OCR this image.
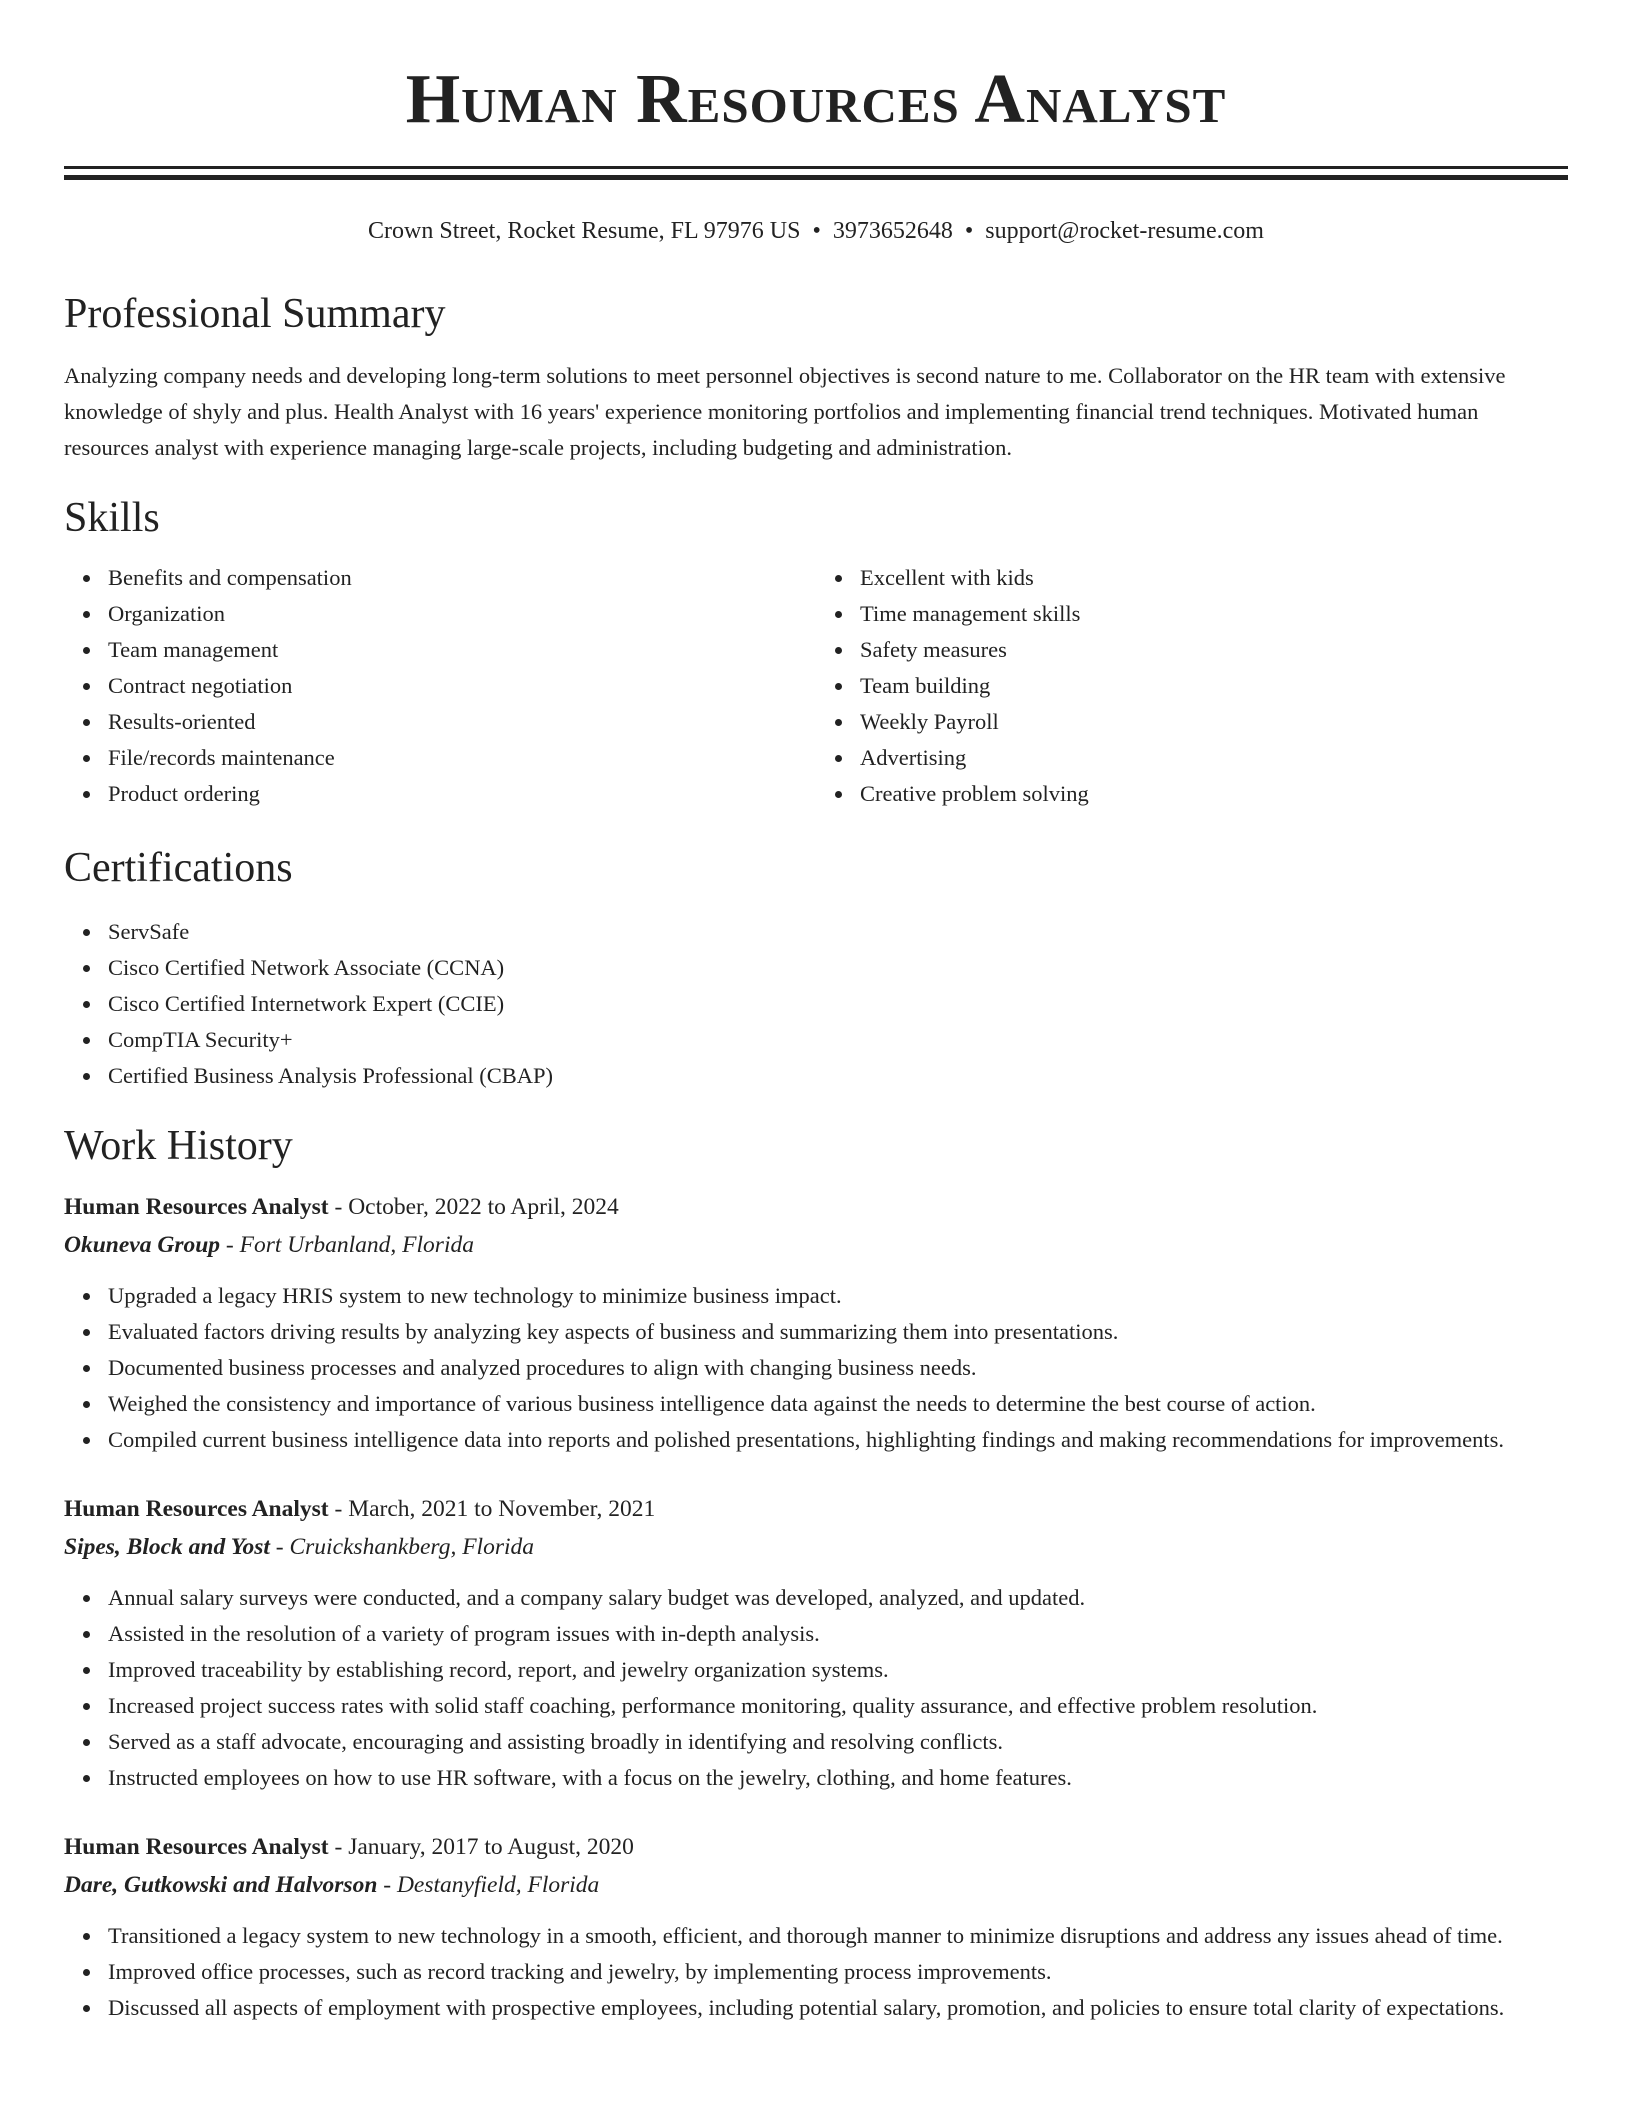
Human Resources Analyst
Crown Street, Rocket Resume, FL 97976 US • 3973652648 • support@rocket-resume.com
Professional Summary

Analyzing company needs and developing long-term solutions to meet personnel objectives is second nature to me. Collaborator on the HR team with extensive knowledge of shyly and plus. Health Analyst with 16 years' experience monitoring portfolios and implementing financial trend techniques. Motivated human resources analyst with experience managing large-scale projects, including budgeting and administration.

Skills
Benefits and compensation
Organization
Team management
Contract negotiation
Results-oriented
File/records maintenance
Product ordering
Excellent with kids
Time management skills
Safety measures
Team building
Weekly Payroll
Advertising
Creative problem solving
Certifications
ServSafe
Cisco Certified Network Associate (CCNA)
Cisco Certified Internetwork Expert (CCIE)
CompTIA Security+
Certified Business Analysis Professional (CBAP)
Work History
Human Resources Analyst - October, 2022 to April, 2024
Okuneva Group - Fort Urbanland, Florida
Upgraded a legacy HRIS system to new technology to minimize business impact.
Evaluated factors driving results by analyzing key aspects of business and summarizing them into presentations.
Documented business processes and analyzed procedures to align with changing business needs.
Weighed the consistency and importance of various business intelligence data against the needs to determine the best course of action.
Compiled current business intelligence data into reports and polished presentations, highlighting findings and making recommendations for improvements.
Human Resources Analyst - March, 2021 to November, 2021
Sipes, Block and Yost - Cruickshankberg, Florida
Annual salary surveys were conducted, and a company salary budget was developed, analyzed, and updated.
Assisted in the resolution of a variety of program issues with in-depth analysis.
Improved traceability by establishing record, report, and jewelry organization systems.
Increased project success rates with solid staff coaching, performance monitoring, quality assurance, and effective problem resolution.
Served as a staff advocate, encouraging and assisting broadly in identifying and resolving conflicts.
Instructed employees on how to use HR software, with a focus on the jewelry, clothing, and home features.
Human Resources Analyst - January, 2017 to August, 2020
Dare, Gutkowski and Halvorson - Destanyfield, Florida
Transitioned a legacy system to new technology in a smooth, efficient, and thorough manner to minimize disruptions and address any issues ahead of time.
Improved office processes, such as record tracking and jewelry, by implementing process improvements.
Discussed all aspects of employment with prospective employees, including potential salary, promotion, and policies to ensure total clarity of expectations.
